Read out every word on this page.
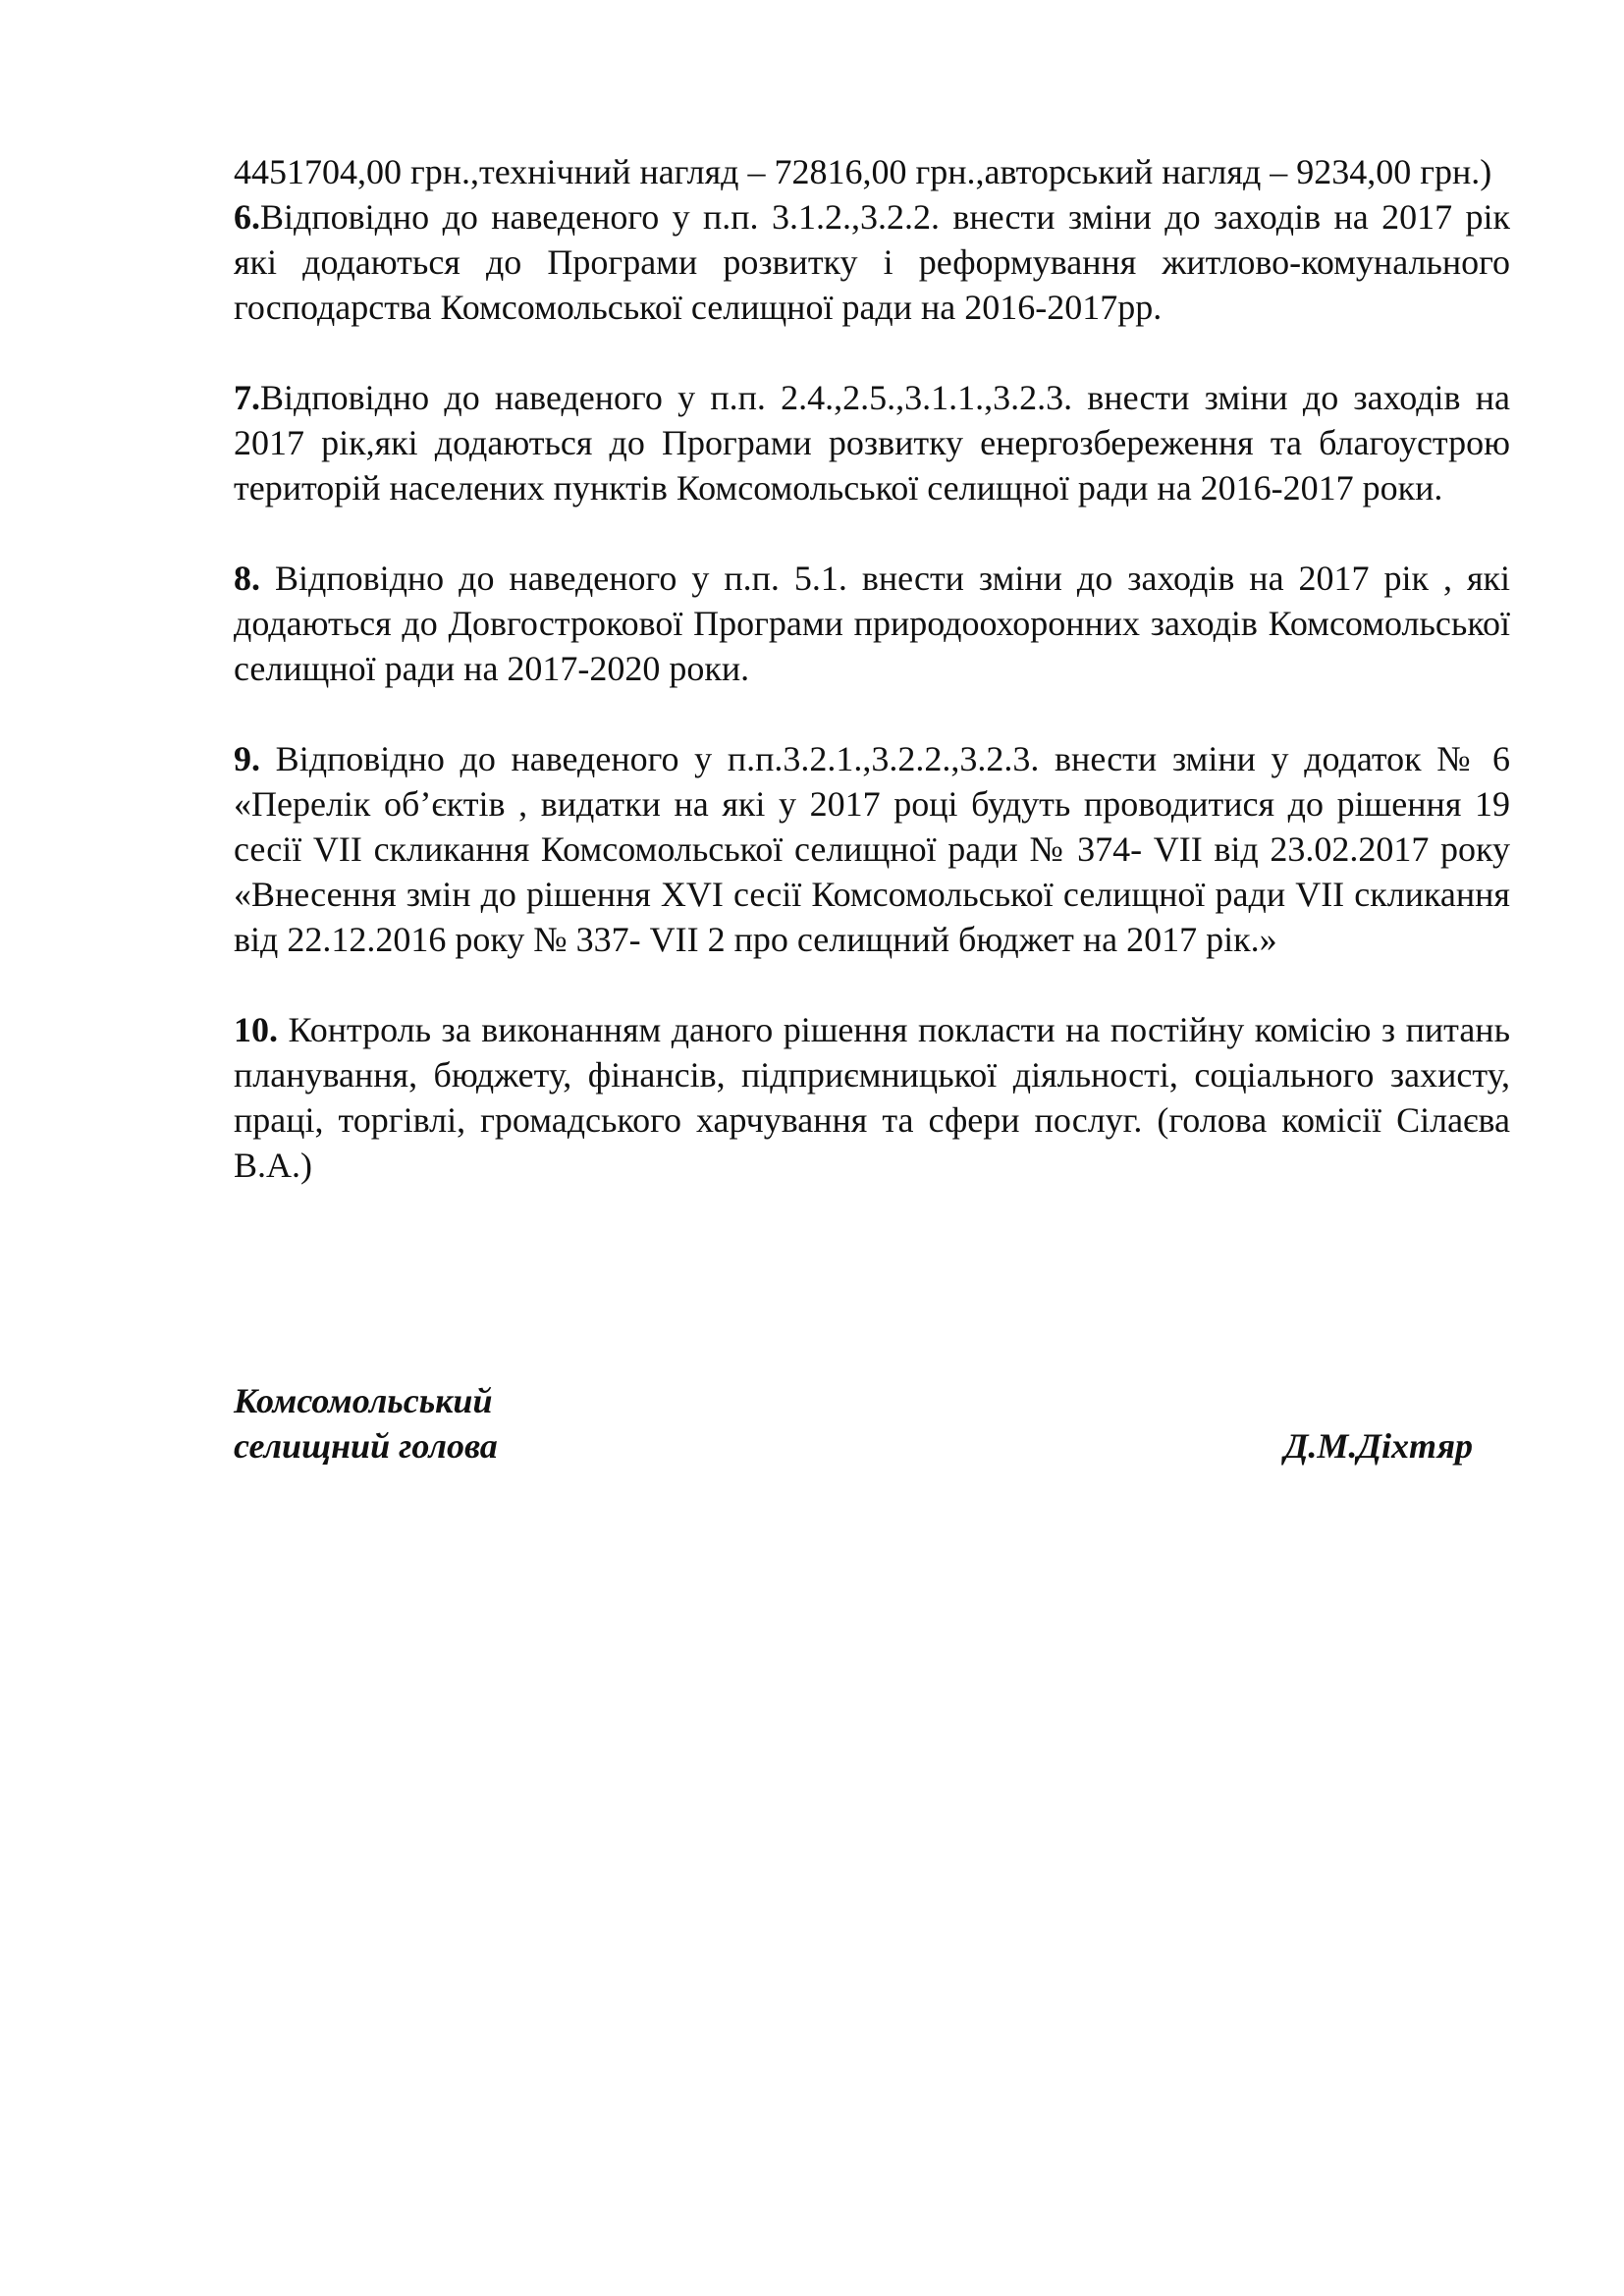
4451704,00 грн.,технічний нагляд – 72816,00 грн.,авторський нагляд – 9234,00 грн.)

6.Відповідно до наведеного у п.п. 3.1.2.,3.2.2. внести зміни до заходів на 2017 рік які додаються до Програми розвитку і реформування житлово-комунального господарства Комсомольської селищної ради на 2016-2017рр.

7.Відповідно до наведеного у п.п. 2.4.,2.5.,3.1.1.,3.2.3. внести зміни до заходів на 2017 рік,які додаються до Програми розвитку енергозбереження та благоустрою територій населених пунктів Комсомольської селищної ради на 2016-2017 роки.

8. Відповідно до наведеного у п.п. 5.1. внести зміни до заходів на 2017 рік , які додаються до Довгострокової Програми природоохоронних заходів Комсомольської селищної ради на 2017-2020 роки.

9. Відповідно до наведеного у п.п.3.2.1.,3.2.2.,3.2.3. внести зміни у додаток № 6 «Перелік об’єктів , видатки на які у 2017 році будуть проводитися до рішення 19 сесії VII скликання Комсомольської селищної ради № 374- VII від 23.02.2017 року «Внесення змін до рішення XVI сесії Комсомольської селищної ради VII скликання від 22.12.2016 року № 337- VII 2 про селищний бюджет на 2017 рік.»

10. Контроль за виконанням даного рішення покласти на постійну комісію з питань планування, бюджету, фінансів, підприємницької діяльності, соціального захисту, праці, торгівлі, громадського харчування та сфери послуг. (голова комісії Сілаєва В.А.)

Комсомольський
селищний голова	Д.М.Діхтяр
